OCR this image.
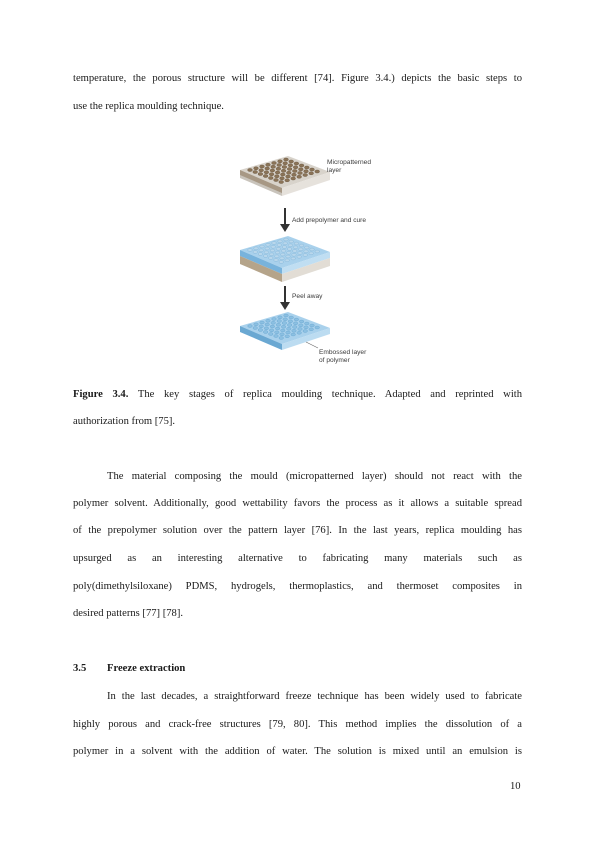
temperature, the porous structure will be different [74]. Figure 3.4.) depicts the basic steps to
use the replica moulding technique.
Micropatterned
layer
Add prepolymer and cure
Peel away
Embossed layer
of polymer
Figure 3.4. The key stages of replica moulding technique. Adapted and reprinted with
authorization from [75].
The material composing the mould (micropatterned layer) should not react with the
polymer solvent. Additionally, good wettability favors the process as it allows a suitable spread
of the prepolymer solution over the pattern layer [76]. In the last years, replica moulding has
upsurged as an interesting alternative to fabricating many materials such as
poly(dimethylsiloxane) PDMS, hydrogels, thermoplastics, and thermoset composites in
desired patterns [77] [78].
3.5 Freeze extraction
In the last decades, a straightforward freeze technique has been widely used to fabricate
highly porous and crack-free structures [79, 80]. This method implies the dissolution of a
polymer in a solvent with the addition of water. The solution is mixed until an emulsion is
10
